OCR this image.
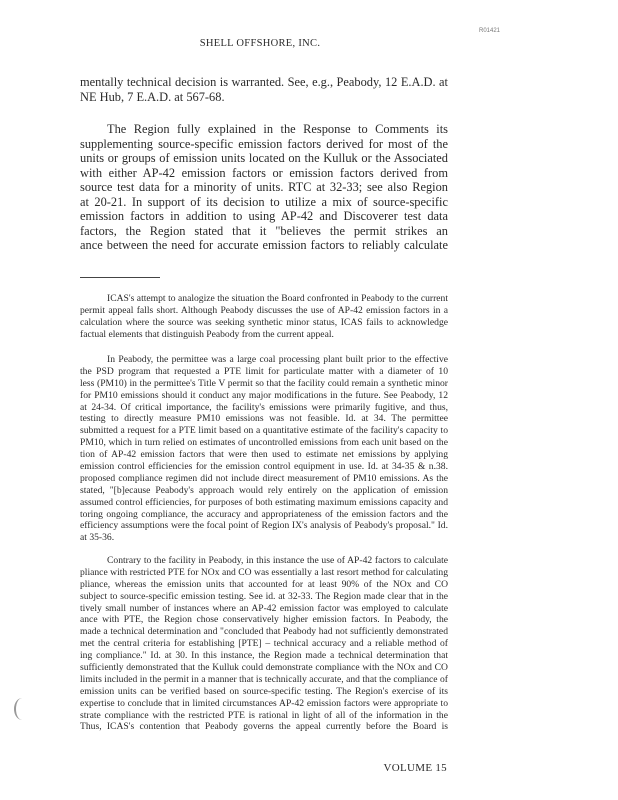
R01421
SHELL OFFSHORE, INC.
mentally technical decision is warranted. See, e.g., Peabody, 12 E.A.D. at
NE Hub, 7 E.A.D. at 567-68.
The Region fully explained in the Response to Comments its
supplementing source-specific emission factors derived for most of the
units or groups of emission units located on the Kulluk or the Associated
with either AP-42 emission factors or emission factors derived from
source test data for a minority of units. RTC at 32-33; see also Region
at 20-21. In support of its decision to utilize a mix of source-specific
emission factors in addition to using AP-42 and Discoverer test data
factors, the Region stated that it "believes the permit strikes an
ance between the need for accurate emission factors to reliably calculate
ICAS's attempt to analogize the situation the Board confronted in Peabody to the current
permit appeal falls short. Although Peabody discusses the use of AP-42 emission factors in a
calculation where the source was seeking synthetic minor status, ICAS fails to acknowledge
factual elements that distinguish Peabody from the current appeal.
In Peabody, the permittee was a large coal processing plant built prior to the effective
the PSD program that requested a PTE limit for particulate matter with a diameter of 10
less (PM10) in the permittee's Title V permit so that the facility could remain a synthetic minor
for PM10 emissions should it conduct any major modifications in the future. See Peabody, 12
at 24-34. Of critical importance, the facility's emissions were primarily fugitive, and thus,
testing to directly measure PM10 emissions was not feasible. Id. at 34. The permittee
submitted a request for a PTE limit based on a quantitative estimate of the facility's capacity to
PM10, which in turn relied on estimates of uncontrolled emissions from each unit based on the
tion of AP-42 emission factors that were then used to estimate net emissions by applying
emission control efficiencies for the emission control equipment in use. Id. at 34-35 & n.38.
proposed compliance regimen did not include direct measurement of PM10 emissions. As the
stated, "[b]ecause Peabody's approach would rely entirely on the application of emission
assumed control efficiencies, for purposes of both estimating maximum emissions capacity and
toring ongoing compliance, the accuracy and appropriateness of the emission factors and the
efficiency assumptions were the focal point of Region IX's analysis of Peabody's proposal." Id.
at 35-36.
Contrary to the facility in Peabody, in this instance the use of AP-42 factors to calculate
pliance with restricted PTE for NOx and CO was essentially a last resort method for calculating
pliance, whereas the emission units that accounted for at least 90% of the NOx and CO
subject to source-specific emission testing. See id. at 32-33. The Region made clear that in the
tively small number of instances where an AP-42 emission factor was employed to calculate
ance with PTE, the Region chose conservatively higher emission factors. In Peabody, the
made a technical determination and "concluded that Peabody had not sufficiently demonstrated
met the central criteria for establishing [PTE] – technical accuracy and a reliable method of
ing compliance." Id. at 30. In this instance, the Region made a technical determination that
sufficiently demonstrated that the Kulluk could demonstrate compliance with the NOx and CO
limits included in the permit in a manner that is technically accurate, and that the compliance of
emission units can be verified based on source-specific testing. The Region's exercise of its
expertise to conclude that in limited circumstances AP-42 emission factors were appropriate to
strate compliance with the restricted PTE is rational in light of all of the information in the
Thus, ICAS's contention that Peabody governs the appeal currently before the Board is
VOLUME 15
